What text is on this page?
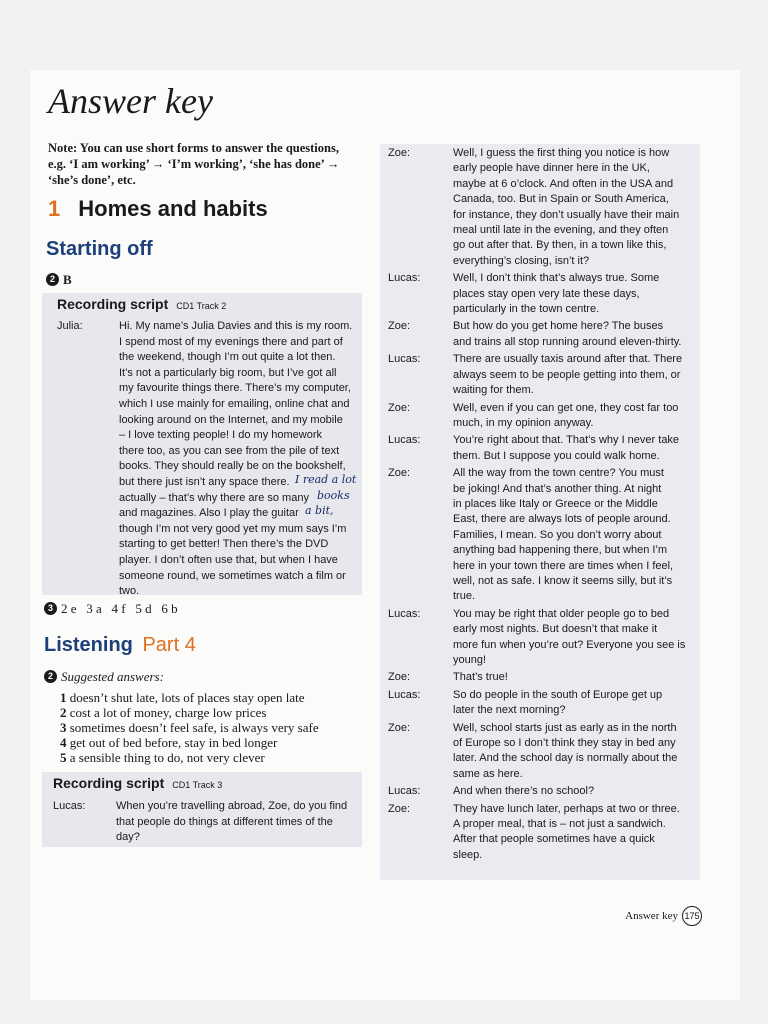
Answer key
Note: You can use short forms to answer the questions, e.g. ‘I am working’ → ‘I’m working’, ‘she has done’ → ‘she’s done’, etc.
1 Homes and habits
Starting off
2 B
Recording script CD1 Track 2
Julia:	Hi. My name’s Julia Davies and this is my room.
I spend most of my evenings there and part of
the weekend, though I’m out quite a lot then.
It’s not a particularly big room, but I’ve got all
my favourite things there. There’s my computer,
which I use mainly for emailing, online chat and
looking around on the Internet, and my mobile
– I love texting people! I do my homework
there too, as you can see from the pile of text
books. They should really be on the bookshelf,
but there just isn’t any space there.
actually – that’s why there are so many
and magazines. Also I play the guitar
though I’m not very good yet my mum says I’m
starting to get better! Then there’s the DVD
player. I don’t often use that, but when I have
someone round, we sometimes watch a film or
two.
I read a lot
books
a bit,
3 2 e   3 a   4 f   5 d   6 b
Listening Part 4
2 Suggested answers:
1 doesn’t shut late, lots of places stay open late
2 cost a lot of money, charge low prices
3 sometimes doesn’t feel safe, is always very safe
4 get out of bed before, stay in bed longer
5 a sensible thing to do, not very clever
Recording script CD1 Track 3
Lucas:	When you’re travelling abroad, Zoe, do you find
that people do things at different times of the
day?
Zoe:	Well, I guess the first thing you notice is how
early people have dinner here in the UK,
maybe at 6 o’clock. And often in the USA and
Canada, too. But in Spain or South America,
for instance, they don’t usually have their main
meal until late in the evening, and they often
go out after that. By then, in a town like this,
everything’s closing, isn’t it?
Lucas:	Well, I don’t think that’s always true. Some
places stay open very late these days,
particularly in the town centre.
Zoe:	But how do you get home here? The buses
and trains all stop running around eleven-thirty.
Lucas:	There are usually taxis around after that. There
always seem to be people getting into them, or
waiting for them.
Zoe:	Well, even if you can get one, they cost far too
much, in my opinion anyway.
Lucas:	You’re right about that. That’s why I never take
them. But I suppose you could walk home.
Zoe:	All the way from the town centre? You must
be joking! And that’s another thing. At night
in places like Italy or Greece or the Middle
East, there are always lots of people around.
Families, I mean. So you don’t worry about
anything bad happening there, but when I’m
here in your town there are times when I feel,
well, not as safe. I know it seems silly, but it’s
true.
Lucas:	You may be right that older people go to bed
early most nights. But doesn’t that make it
more fun when you’re out? Everyone you see is
young!
Zoe:	That’s true!
Lucas:	So do people in the south of Europe get up
later the next morning?
Zoe:	Well, school starts just as early as in the north
of Europe so I don’t think they stay in bed any
later. And the school day is normally about the
same as here.
Lucas:	And when there’s no school?
Zoe:	They have lunch later, perhaps at two or three.
A proper meal, that is – not just a sandwich.
After that people sometimes have a quick
sleep.
Answer key 175
